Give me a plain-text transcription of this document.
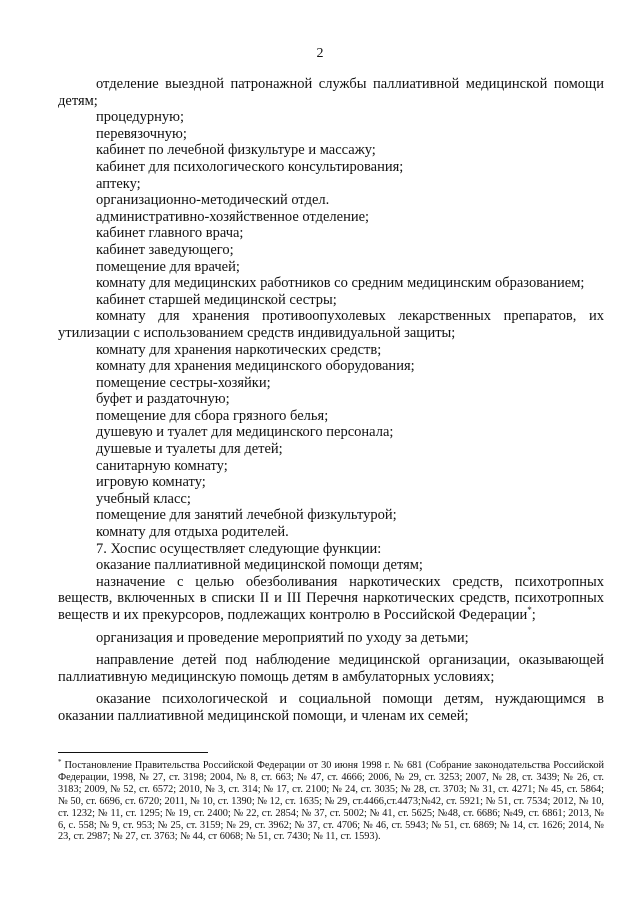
2

отделение выездной патронажной службы паллиативной медицинской помощи детям;

процедурную;

перевязочную;

кабинет по лечебной физкультуре и массажу;

кабинет для психологического консультирования;

аптеку;

организационно-методический отдел.

административно-хозяйственное отделение;

кабинет главного врача;

кабинет заведующего;

помещение для врачей;

комнату для медицинских работников со средним медицинским образованием;

кабинет старшей медицинской сестры;

комнату для хранения противоопухолевых лекарственных препаратов, их утилизации с использованием средств индивидуальной защиты;

комнату для хранения наркотических средств;

комнату для хранения медицинского оборудования;

помещение сестры-хозяйки;

буфет и раздаточную;

помещение для сбора грязного белья;

душевую и туалет для медицинского персонала;

душевые и туалеты для детей;

санитарную комнату;

игровую комнату;

учебный класс;

помещение для занятий лечебной физкультурой;

комнату для отдыха родителей.

7. Хоспис осуществляет следующие функции:

оказание паллиативной медицинской помощи детям;

назначение с целью обезболивания наркотических средств, психотропных веществ, включенных в списки II и III Перечня наркотических средств, психотропных веществ и их прекурсоров, подлежащих контролю в Российской Федерации*;

организация и проведение мероприятий по уходу за детьми;

направление детей под наблюдение медицинской организации, оказывающей паллиативную медицинскую помощь детям в амбулаторных условиях;

оказание психологической и социальной помощи детям, нуждающимся в оказании паллиативной медицинской помощи, и членам их семей;

* Постановление Правительства Российской Федерации от 30 июня 1998 г. № 681 (Собрание законодательства Российской Федерации, 1998, № 27, ст. 3198; 2004, № 8, ст. 663; № 47, ст. 4666; 2006, № 29, ст. 3253; 2007, № 28, ст. 3439; № 26, ст. 3183; 2009, № 52, ст. 6572; 2010, № 3, ст. 314; № 17, ст. 2100; № 24, ст. 3035; № 28, ст. 3703; № 31, ст. 4271; № 45, ст. 5864; № 50, ст. 6696, ст. 6720; 2011, № 10, ст. 1390; № 12, ст. 1635; № 29, ст.4466,ст.4473;№42, ст. 5921; № 51, ст. 7534; 2012, № 10, ст. 1232; № 11, ст. 1295; № 19, ст. 2400; № 22, ст. 2854; № 37, ст. 5002; № 41, ст. 5625; №48, ст. 6686; №49, ст. 6861; 2013, № 6, с. 558; № 9, ст. 953; № 25, ст. 3159; № 29, ст. 3962; № 37, ст. 4706; № 46, ст. 5943; № 51, ст. 6869; № 14, ст. 1626; 2014, № 23, ст. 2987; № 27, ст. 3763; № 44, ст 6068; № 51, ст. 7430; № 11, ст. 1593).
